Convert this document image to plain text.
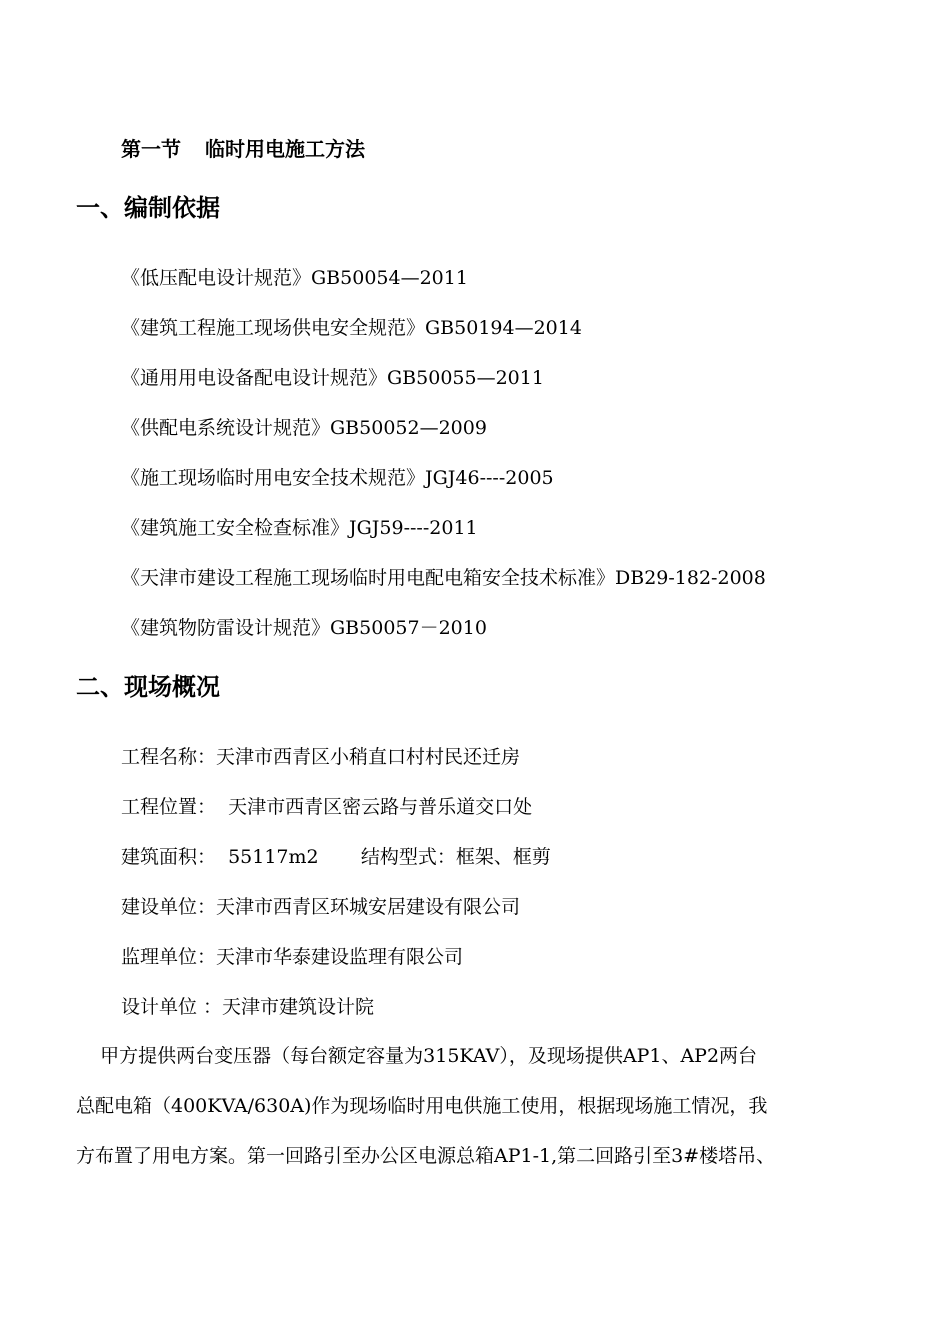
第一节 临时用电施工方法
一、编制依据
《低压配电设计规范》GB50054—2011
《建筑工程施工现场供电安全规范》GB50194—2014
《通用用电设备配电设计规范》GB50055—2011
《供配电系统设计规范》GB50052—2009
《施工现场临时用电安全技术规范》JGJ46----2005
《建筑施工安全检查标准》JGJ59----2011
《天津市建设工程施工现场临时用电配电箱安全技术标准》DB29-182-2008
《建筑物防雷设计规范》GB50057－2010
二、现场概况
工程名称：天津市西青区小稍直口村村民还迁房
工程位置：  天津市西青区密云路与普乐道交口处
建筑面积：  55117m2       结构型式：框架、框剪
建设单位：天津市西青区环城安居建设有限公司
监理单位：天津市华泰建设监理有限公司
设计单位 ：天津市建筑设计院
甲方提供两台变压器（每台额定容量为315KAV），及现场提供AP1、AP2两台
总配电箱（400KVA/630A)作为现场临时用电供施工使用，根据现场施工情况，我
方布置了用电方案。第一回路引至办公区电源总箱AP1-1,第二回路引至3#楼塔吊、
